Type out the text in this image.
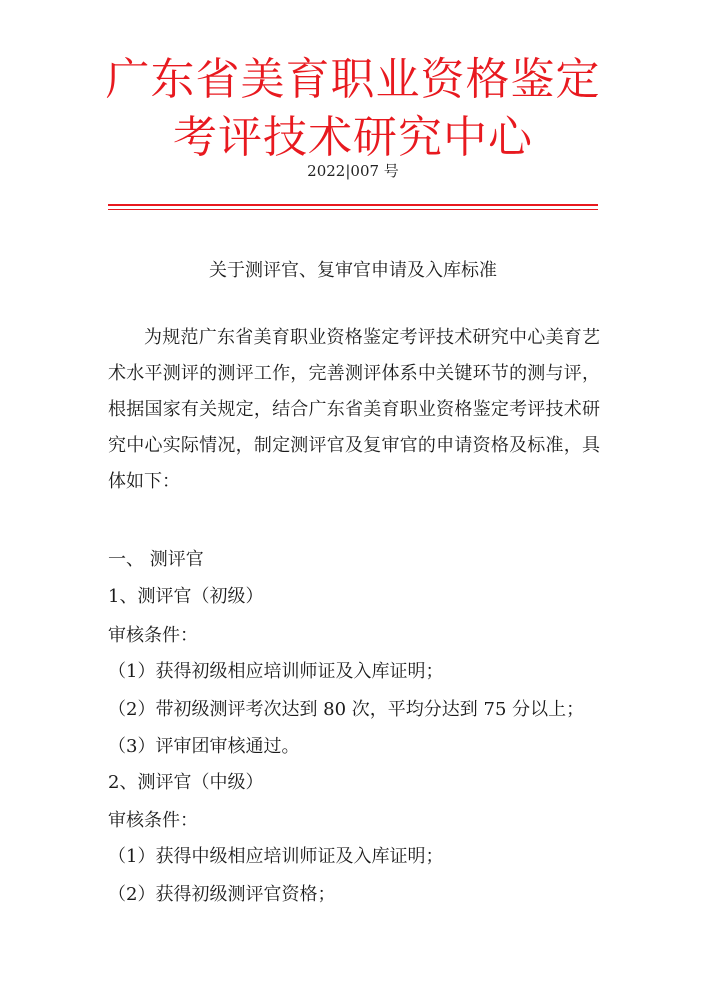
广东省美育职业资格鉴定
考评技术研究中心
2022|007 号
关于测评官、复审官申请及入库标准

为规范广东省美育职业资格鉴定考评技术研究中心美育艺术水平测评的测评工作，完善测评体系中关键环节的测与评，根据国家有关规定，结合广东省美育职业资格鉴定考评技术研究中心实际情况，制定测评官及复审官的申请资格及标准，具体如下：

一、 测评官

1、测评官（初级）

审核条件：

（1）获得初级相应培训师证及入库证明；

（2）带初级测评考次达到 80 次，平均分达到 75 分以上；

（3）评审团审核通过。

2、测评官（中级）

审核条件：

（1）获得中级相应培训师证及入库证明；

（2）获得初级测评官资格；
